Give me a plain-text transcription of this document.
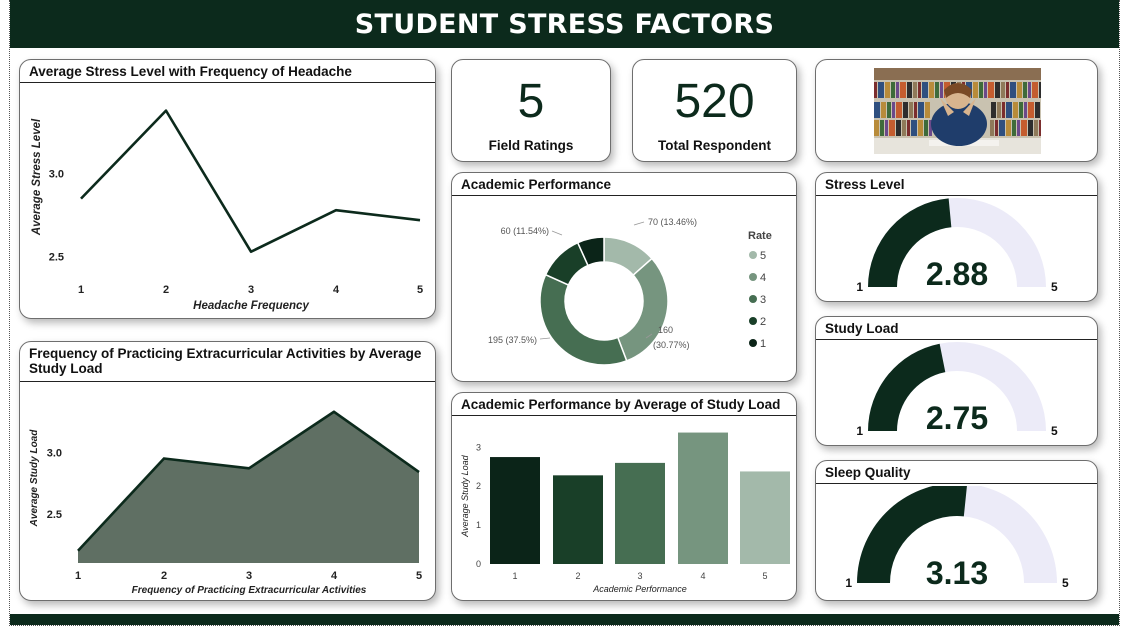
STUDENT STRESS FACTORS
Average Stress Level with Frequency of Headache
3.0
2.5
1	2	3	4	5
Headache Frequency
Average Stress Level
Frequency of Practicing Extracurricular Activities by Average Study Load
3.0
2.5
1	2	3	4	5
Frequency of Practicing Extracurricular Activities
Average Study Load
5
Field Ratings
520
Total Respondent
Academic Performance
70 (13.46%)
160
(30.77%)
195 (37.5%)
60 (11.54%)	Rate
5
4
3
2
1
Academic Performance by Average of Study Load
0
1
2
3
1	2	3	4	5
Academic Performance
Average Study Load
Stress Level
2.88
1	5
Study Load
2.75
1	5
Sleep Quality
3.13
1	5
